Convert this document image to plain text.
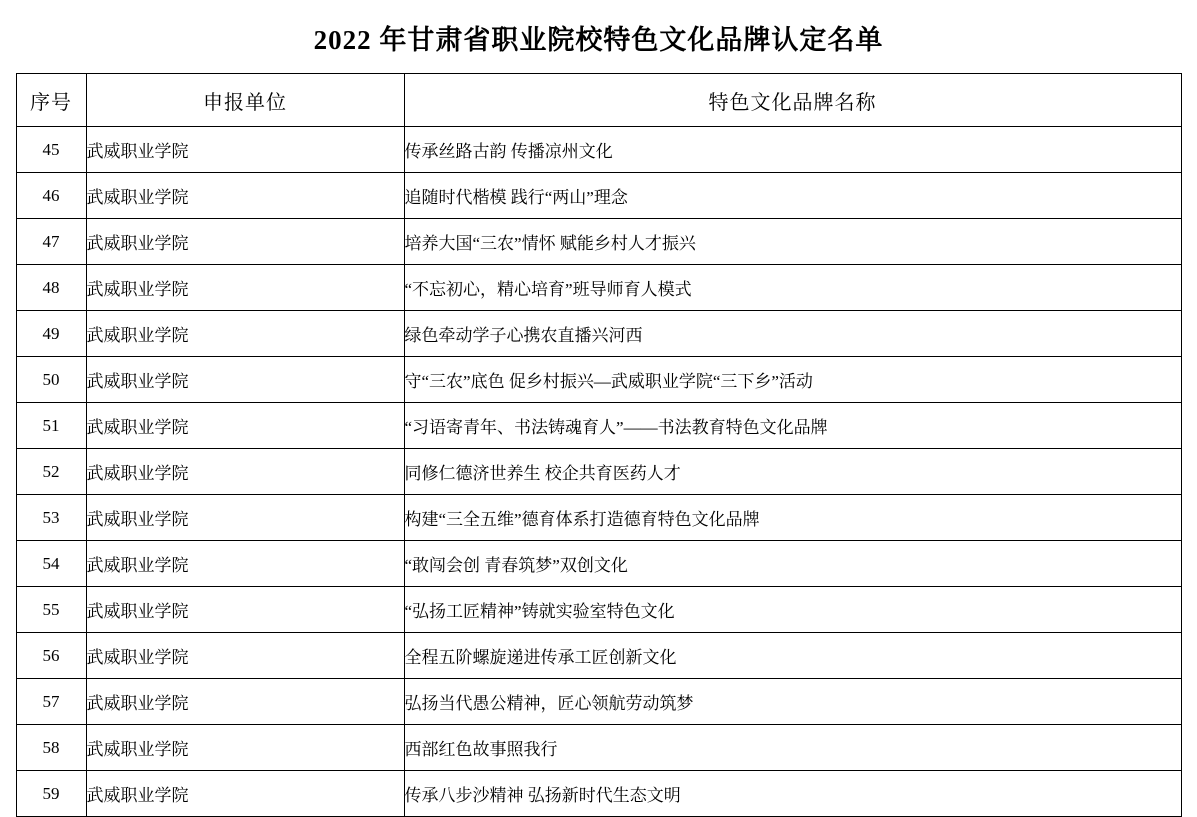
2022 年甘肃省职业院校特色文化品牌认定名单
序号	申报单位	特色文化品牌名称
45	武威职业学院	传承丝路古韵 传播凉州文化
46	武威职业学院	追随时代楷模 践行“两山”理念
47	武威职业学院	培养大国“三农”情怀 赋能乡村人才振兴
48	武威职业学院	“不忘初心，精心培育”班导师育人模式
49	武威职业学院	绿色牵动学子心携农直播兴河西
50	武威职业学院	守“三农”底色 促乡村振兴—武威职业学院“三下乡”活动
51	武威职业学院	“习语寄青年、书法铸魂育人”——书法教育特色文化品牌
52	武威职业学院	同修仁德济世养生 校企共育医药人才
53	武威职业学院	构建“三全五维”德育体系打造德育特色文化品牌
54	武威职业学院	“敢闯会创 青春筑梦”双创文化
55	武威职业学院	“弘扬工匠精神”铸就实验室特色文化
56	武威职业学院	全程五阶螺旋递进传承工匠创新文化
57	武威职业学院	弘扬当代愚公精神，匠心领航劳动筑梦
58	武威职业学院	西部红色故事照我行
59	武威职业学院	传承八步沙精神 弘扬新时代生态文明
